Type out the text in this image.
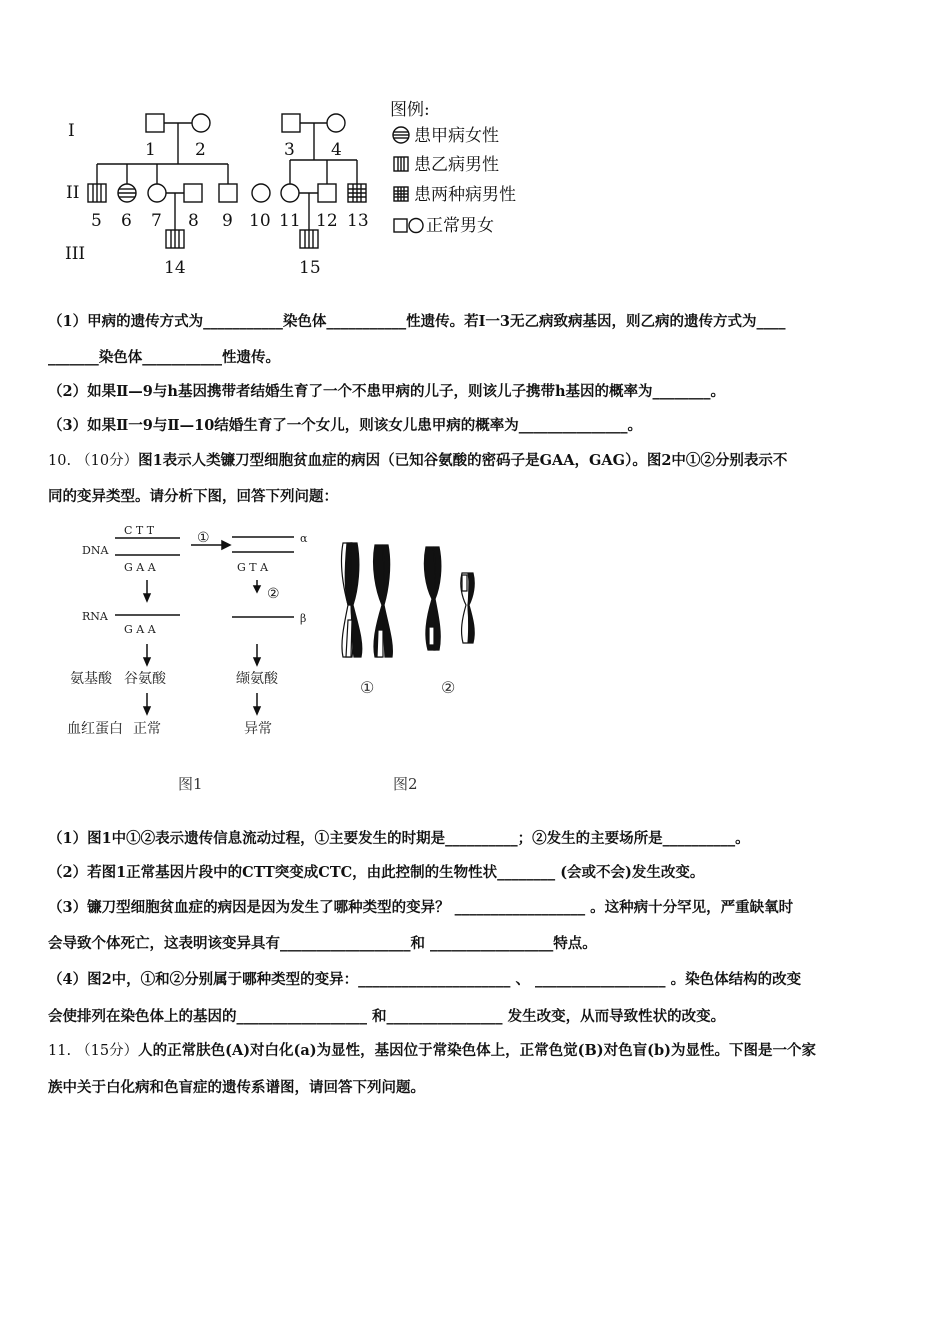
I
II
III
1 2	3 4
5 6 7 8 9 10 11 12 13
14	15
图例:
患甲病女性
患乙病男性
患两种病男性
正常男女
（1）甲病的遗传方式为___________染色体___________性遗传。若Ⅰ一3无乙病致病基因，则乙病的遗传方式为____
_______染色体___________性遗传。
（2）如果Ⅱ—9与h基因携带者结婚生育了一个不患甲病的儿子，则该儿子携带h基因的概率为________。
（3）如果Ⅱ一9与Ⅱ—10结婚生育了一个女儿，则该女儿患甲病的概率为_______________。
10. （10分）图1表示人类镰刀型细胞贫血症的病因（已知谷氨酸的密码子是GAA，GAG）。图2中①②分别表示不
同的变异类型。请分析下图，回答下列问题：
DNA
RNA
C T T
G A A	G T A
G A A
α
β
①
②
氨基酸 谷氨酸	缬氨酸
血红蛋白 正常	异常
图1
①	②
图2
（1）图1中①②表示遗传信息流动过程，①主要发生的时期是__________；②发生的主要场所是__________。
（2）若图1正常基因片段中的CTT突变成CTC，由此控制的生物性状________ (会或不会)发生改变。
（3）镰刀型细胞贫血症的病因是因为发生了哪种类型的变异？ __________________ 。这种病十分罕见，严重缺氧时
会导致个体死亡，这表明该变异具有__________________和 _________________特点。
（4）图2中，①和②分别属于哪种类型的变异：_____________________ 、 __________________ 。染色体结构的改变
会使排列在染色体上的基因的__________________ 和________________ 发生改变，从而导致性状的改变。
11. （15分）人的正常肤色(A)对白化(a)为显性，基因位于常染色体上，正常色觉(B)对色盲(b)为显性。下图是一个家
族中关于白化病和色盲症的遗传系谱图，请回答下列问题。
